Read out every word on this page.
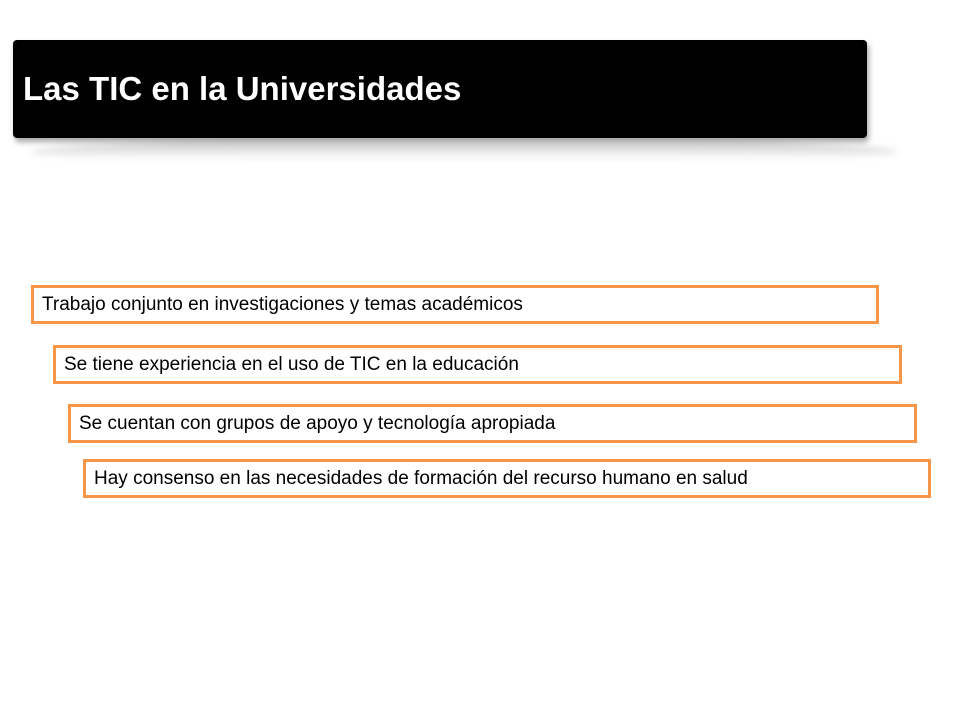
Las TIC en la Universidades
Trabajo conjunto en investigaciones y temas académicos
Se tiene experiencia en el uso de TIC en la educación
Se cuentan con grupos de apoyo y tecnología apropiada
Hay consenso en las necesidades de formación del recurso humano en salud
